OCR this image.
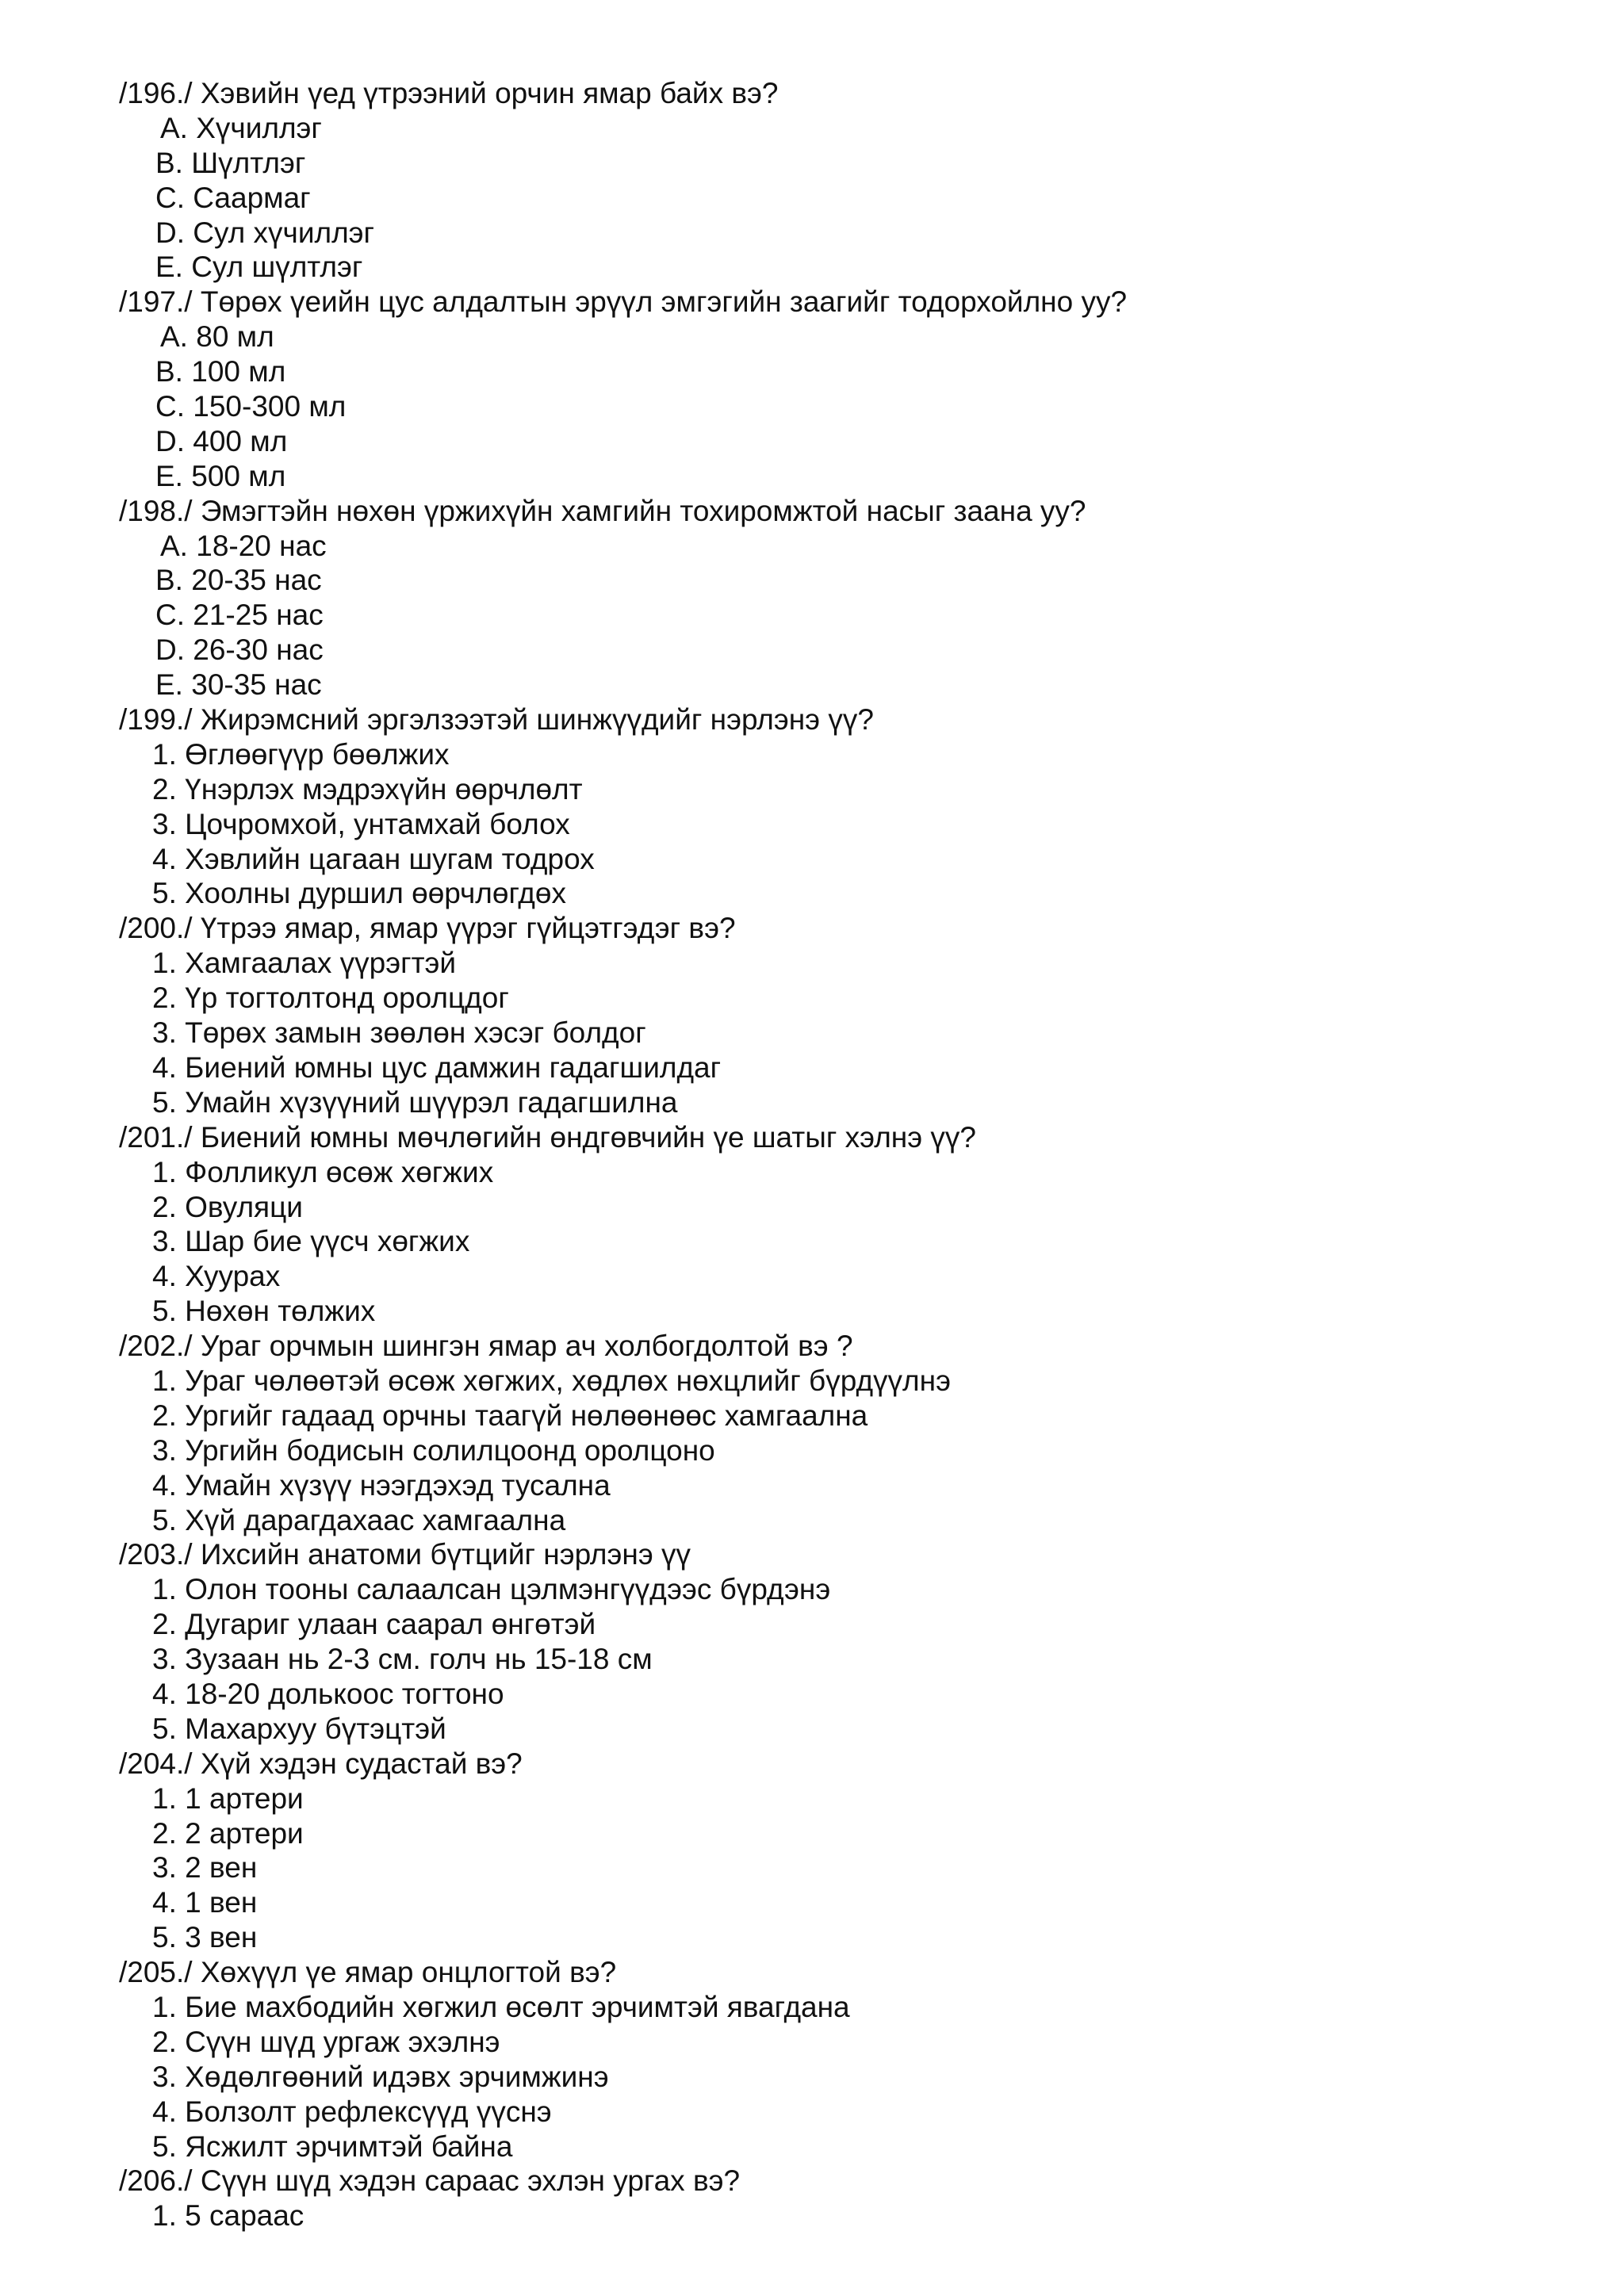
/196./ Хэвийн үед үтрээний орчин ямар байх вэ?
A. Хүчиллэг
B. Шүлтлэг
C. Саармаг
D. Сул хүчиллэг
E. Сул шүлтлэг
/197./ Төрөх үеийн цус алдалтын эрүүл эмгэгийн заагийг тодорхойлно уу?
A. 80 мл
B. 100 мл
C. 150-300 мл
D. 400 мл
E. 500 мл
/198./ Эмэгтэйн нөхөн үржихүйн хамгийн тохиромжтой насыг заана уу?
A. 18-20 нас
B. 20-35 нас
C. 21-25 нас
D. 26-30 нас
E. 30-35 нас
/199./ Жирэмсний эргэлзээтэй шинжүүдийг нэрлэнэ үү?
1. Өглөөгүүр бөөлжих
2. Үнэрлэх мэдрэхүйн өөрчлөлт
3. Цочромхой, унтамхай болох
4. Хэвлийн цагаан шугам тодрох
5. Хоолны дуршил өөрчлөгдөх
/200./ Үтрээ ямар, ямар үүрэг гүйцэтгэдэг вэ?
1. Хамгаалах үүрэгтэй
2. Үр тогтолтонд оролцдог
3. Төрөх замын зөөлөн хэсэг болдог
4. Биений юмны цус дамжин гадагшилдаг
5. Умайн хүзүүний шүүрэл гадагшилна
/201./ Биений юмны мөчлөгийн өндгөвчийн үе шатыг хэлнэ үү?
1. Фолликул өсөж хөгжих
2. Овуляци
3. Шар бие үүсч хөгжих
4. Хуурах
5. Нөхөн төлжих
/202./ Ураг орчмын шингэн ямар ач холбогдолтой вэ ?
1. Ураг чөлөөтэй өсөж хөгжих, хөдлөх нөхцлийг бүрдүүлнэ
2. Ургийг гадаад орчны таагүй нөлөөнөөс хамгаална
3. Ургийн бодисын солилцоонд оролцоно
4. Умайн хүзүү нээгдэхэд тусална
5. Хүй дарагдахаас хамгаална
/203./ Ихсийн анатоми бүтцийг нэрлэнэ үү
1. Олон тооны салаалсан цэлмэнгүүдээс бүрдэнэ
2. Дугариг улаан саарал өнгөтэй
3. Зузаан нь 2-3 см. голч нь 15-18 см
4. 18-20 долькоос тогтоно
5. Махархуу бүтэцтэй
/204./ Хүй хэдэн судастай вэ?
1. 1 артери
2. 2 артери
3. 2 вен
4. 1 вен
5. 3 вен
/205./ Хөхүүл үе ямар онцлогтой вэ?
1. Бие махбодийн хөгжил өсөлт эрчимтэй явагдана
2. Сүүн шүд ургаж эхэлнэ
3. Хөдөлгөөний идэвх эрчимжинэ
4. Болзолт рефлексүүд үүснэ
5. Ясжилт эрчимтэй байна
/206./ Сүүн шүд хэдэн сараас эхлэн ургах вэ?
1. 5 сараас
